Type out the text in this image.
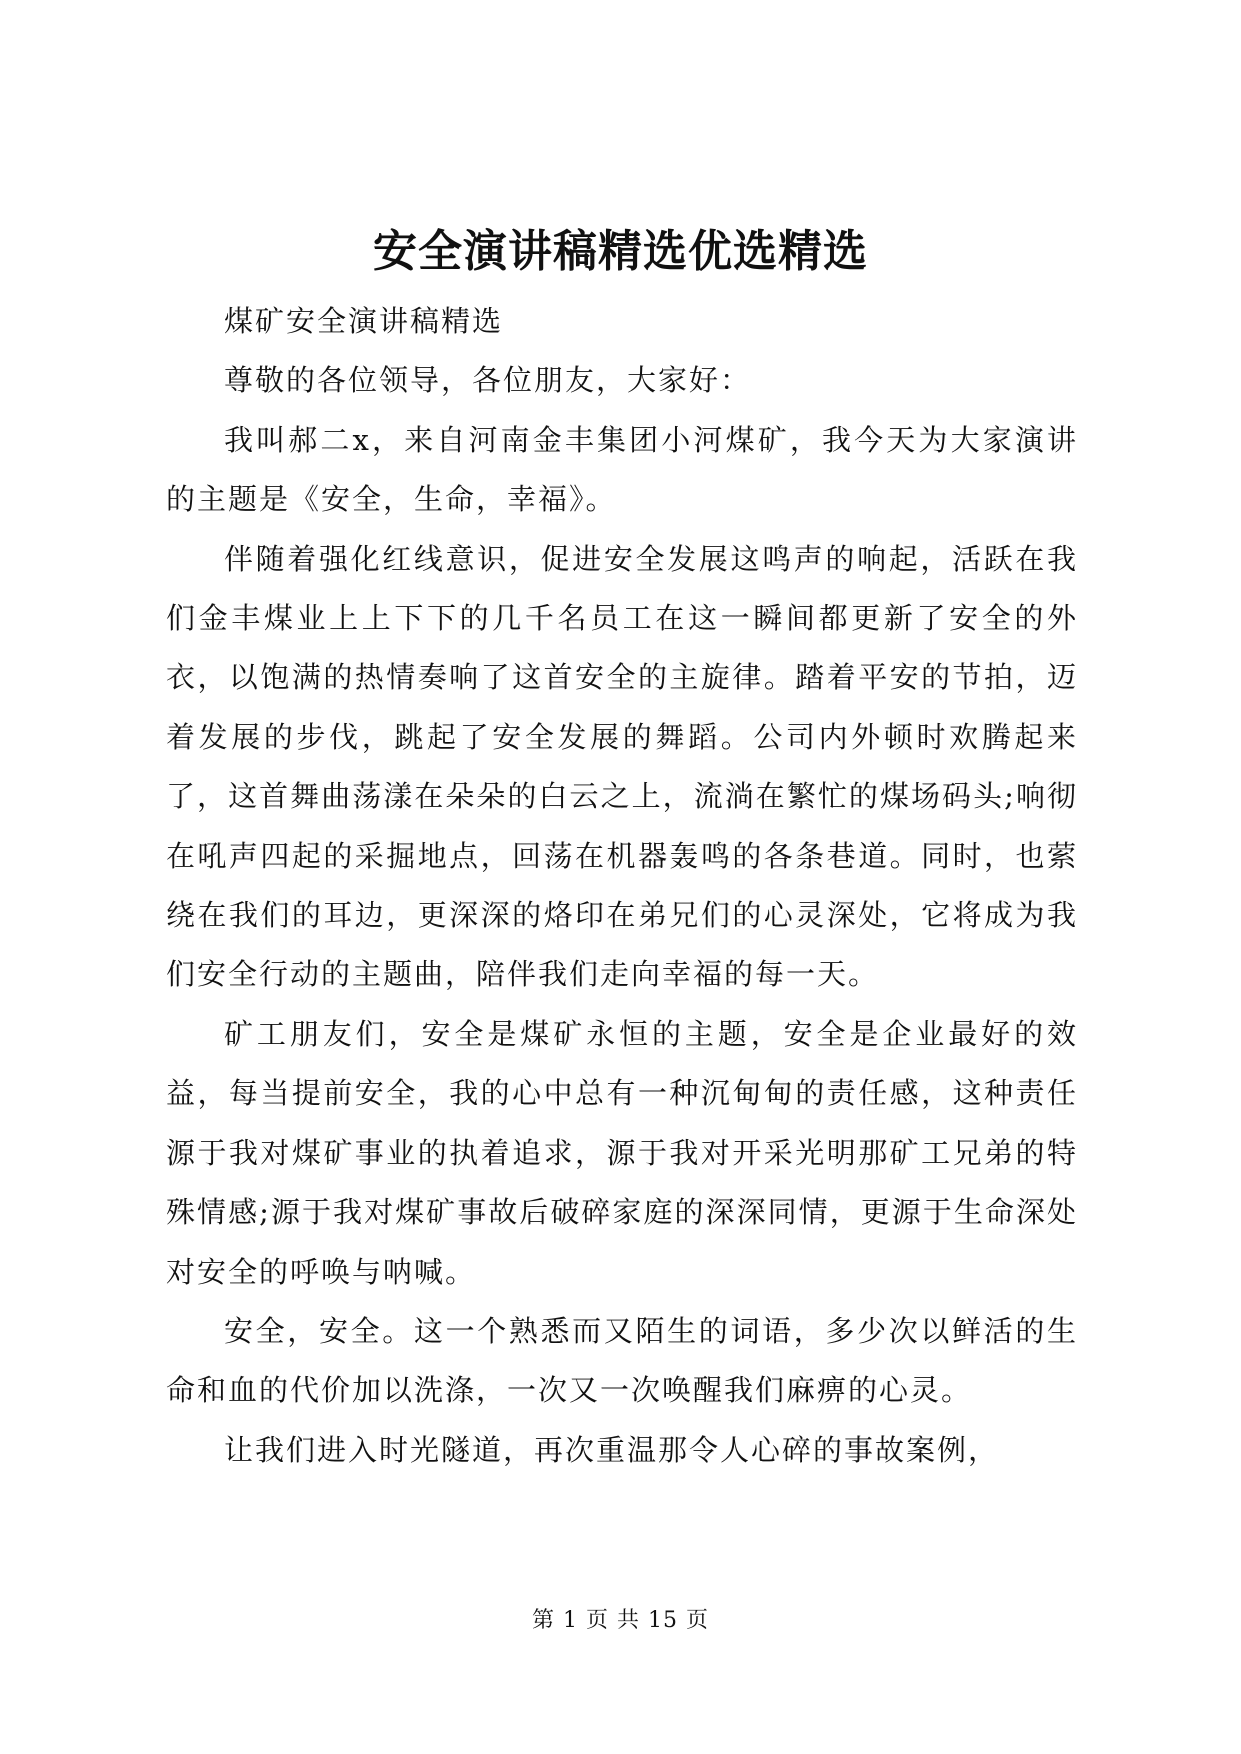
安全演讲稿精选优选精选

煤矿安全演讲稿精选

尊敬的各位领导，各位朋友，大家好：

我叫郝二x，来自河南金丰集团小河煤矿，我今天为大家演讲的主题是《安全，生命，幸福》。

伴随着强化红线意识，促进安全发展这鸣声的响起，活跃在我们金丰煤业上上下下的几千名员工在这一瞬间都更新了安全的外衣，以饱满的热情奏响了这首安全的主旋律。踏着平安的节拍，迈着发展的步伐，跳起了安全发展的舞蹈。公司内外顿时欢腾起来了，这首舞曲荡漾在朵朵的白云之上，流淌在繁忙的煤场码头;响彻在吼声四起的采掘地点，回荡在机器轰鸣的各条巷道。同时，也萦绕在我们的耳边，更深深的烙印在弟兄们的心灵深处，它将成为我们安全行动的主题曲，陪伴我们走向幸福的每一天。

矿工朋友们，安全是煤矿永恒的主题，安全是企业最好的效益，每当提前安全，我的心中总有一种沉甸甸的责任感，这种责任源于我对煤矿事业的执着追求，源于我对开采光明那矿工兄弟的特殊情感;源于我对煤矿事故后破碎家庭的深深同情，更源于生命深处对安全的呼唤与呐喊。

安全，安全。这一个熟悉而又陌生的词语，多少次以鲜活的生命和血的代价加以洗涤，一次又一次唤醒我们麻痹的心灵。

让我们进入时光隧道，再次重温那令人心碎的事故案例，

第 1 页 共 15 页
